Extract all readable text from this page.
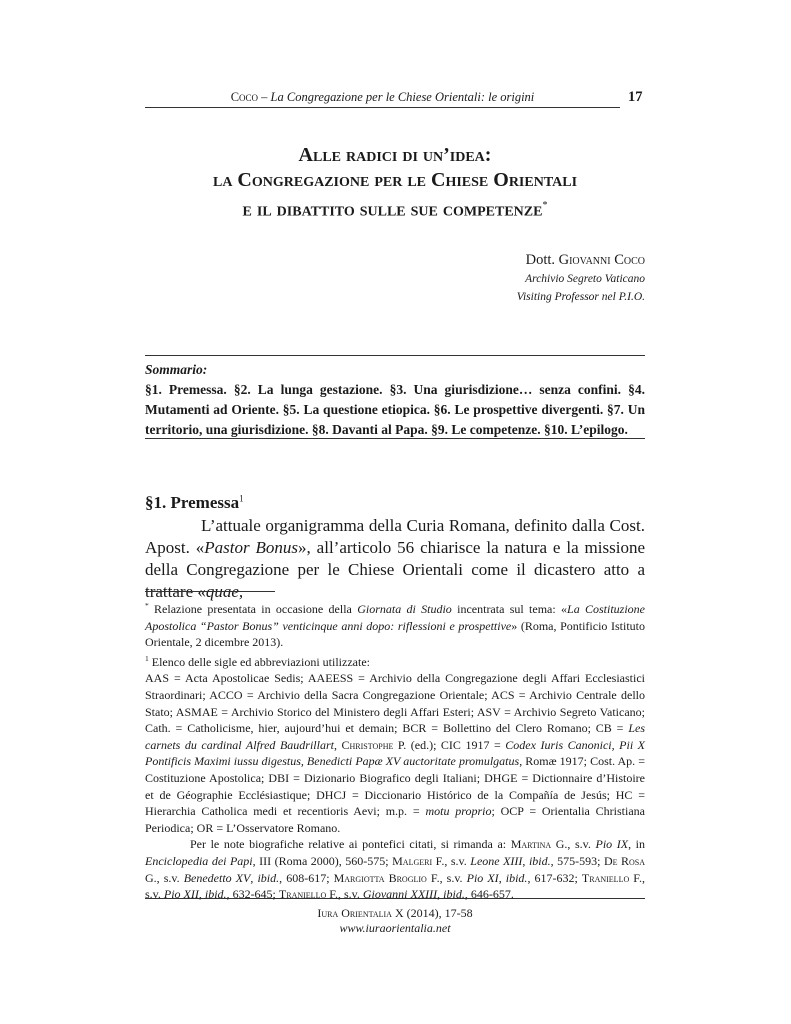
Coco – La Congregazione per le Chiese Orientali: le origini	17
Alle radici di un’idea:
la Congregazione per le Chiese Orientali
e il dibattito sulle sue competenze*
Dott. Giovanni Coco
Archivio Segreto Vaticano
Visiting Professor nel P.I.O.
Sommario:
§1. Premessa. §2. La lunga gestazione. §3. Una giurisdizione… senza confini. §4. Mutamenti ad Oriente. §5. La questione etiopica. §6. Le prospettive divergenti. §7. Un territorio, una giurisdizione. §8. Davanti al Papa. §9. Le competenze. §10. L’epilogo.
§1. Premessa$^1$
L’attuale organigramma della Curia Romana, definito dalla Cost. Apost. «Pastor Bonus», all’articolo 56 chiarisce la natura e la missione della Congregazione per le Chiese Orientali come il dicastero atto a trattare «quae,

* Relazione presentata in occasione della Giornata di Studio incentrata sul tema: «La Costituzione Apostolica “Pastor Bonus” venticinque anni dopo: riflessioni e prospettive» (Roma, Pontificio Istituto Orientale, 2 dicembre 2013).

$^1$ Elenco delle sigle ed abbreviazioni utilizzate:

AAS = Acta Apostolicae Sedis; AAEESS = Archivio della Congregazione degli Affari Ecclesiastici Straordinari; ACCO = Archivio della Sacra Congregazione Orientale; ACS = Archivio Centrale dello Stato; ASMAE = Archivio Storico del Ministero degli Affari Esteri; ASV = Archivio Segreto Vaticano; Cath. = Catholicisme, hier, aujourd’hui et demain; BCR = Bollettino del Clero Romano; CB = Les carnets du cardinal Alfred Baudrillart, Christophe P. (ed.); CIC 1917 = Codex Iuris Canonici, Pii X Pontificis Maximi iussu digestus, Benedicti Papæ XV auctoritate promulgatus, Romæ 1917; Cost. Ap. = Costituzione Apostolica; DBI = Dizionario Biografico degli Italiani; DHGE = Dictionnaire d’Histoire et de Géographie Ecclésiastique; DHCJ = Diccionario Histórico de la Compañía de Jesús; HC = Hierarchia Catholica medi et recentioris Aevi; m.p. = motu proprio; OCP = Orientalia Christiana Periodica; OR = L’Osservatore Romano.

Per le note biografiche relative ai pontefici citati, si rimanda a: Martina G., s.v. Pio IX, in Enciclopedia dei Papi, III (Roma 2000), 560-575; Malgeri F., s.v. Leone XIII, ibid., 575-593; De Rosa G., s.v. Benedetto XV, ibid., 608-617; Margiotta Broglio F., s.v. Pio XI, ibid., 617-632; Traniello F., s.v. Pio XII, ibid., 632-645; Traniello F., s.v. Giovanni XXIII, ibid., 646-657.

Iura Orientalia X (2014), 17-58
www.iuraorientalia.net
